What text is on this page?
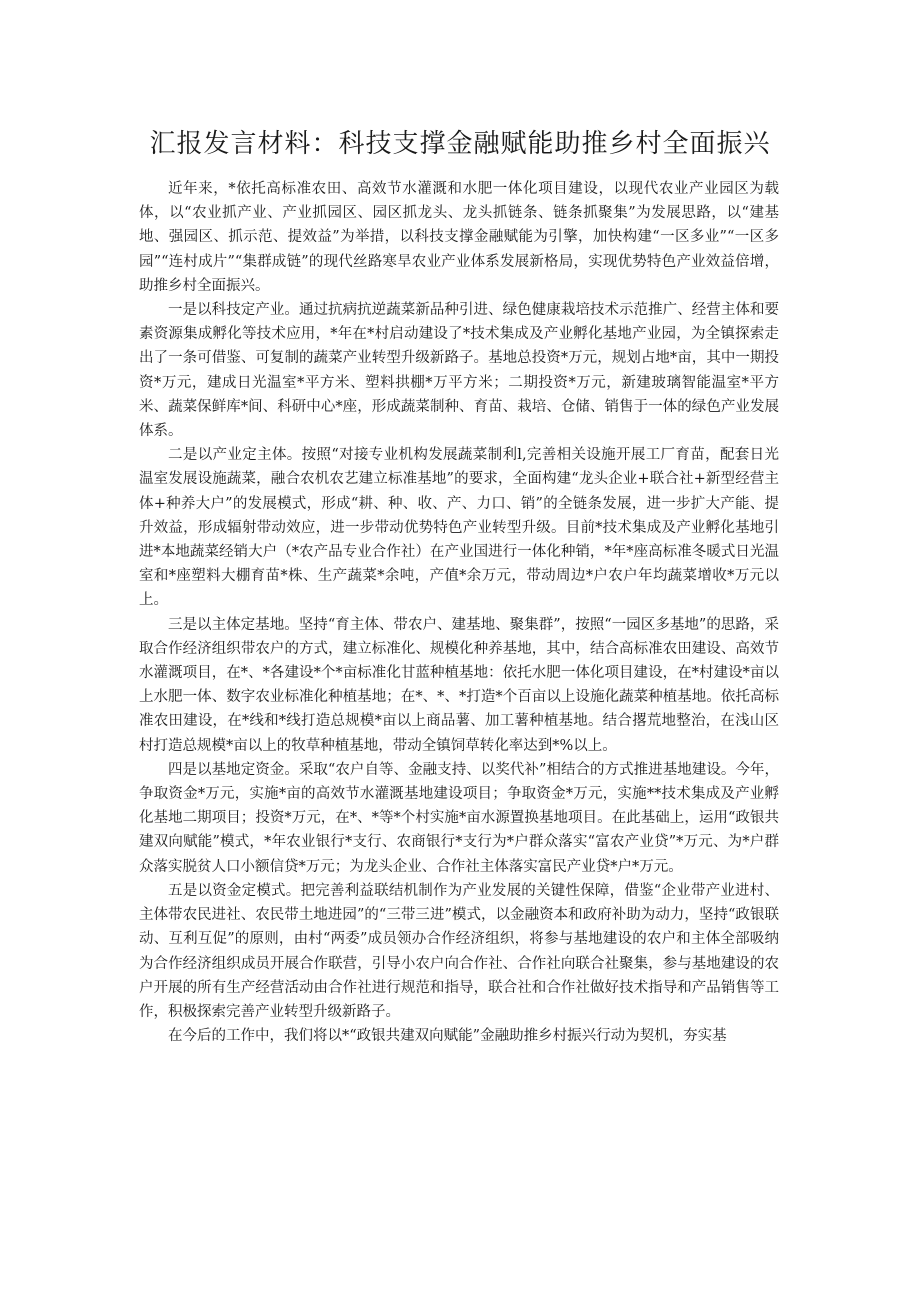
汇报发言材料：科技支撑金融赋能助推乡村全面振兴

近年来，*依托高标准农田、高效节水灌溉和水肥一体化项目建设，以现代农业产业园区为载体，以“农业抓产业、产业抓园区、园区抓龙头、龙头抓链条、链条抓聚集”为发展思路，以“建基地、强园区、抓示范、提效益”为举措，以科技支撑金融赋能为引擎，加快构建“一区多业”“一区多园”“连村成片”“集群成链”的现代丝路寒旱农业产业体系发展新格局，实现优势特色产业效益倍增，助推乡村全面振兴。

一是以科技定产业。通过抗病抗逆蔬菜新品种引进、绿色健康栽培技术示范推广、经营主体和要素资源集成孵化等技术应用，*年在*村启动建设了*技术集成及产业孵化基地产业园，为全镇探索走出了一条可借鉴、可复制的蔬菜产业转型升级新路子。基地总投资*万元，规划占地*亩，其中一期投资*万元，建成日光温室*平方米、塑料拱棚*万平方米；二期投资*万元，新建玻璃智能温室*平方米、蔬菜保鲜库*间、科研中心*座，形成蔬菜制种、育苗、栽培、仓储、销售于一体的绿色产业发展体系。

二是以产业定主体。按照“对接专业机构发展蔬菜制利l,完善相关设施开展工厂育苗，配套日光温室发展设施蔬菜，融合农机农艺建立标准基地”的要求，全面构建“龙头企业+联合社+新型经营主体+种养大户”的发展模式，形成“耕、种、收、产、力口、销”的全链条发展，进一步扩大产能、提升效益，形成辐射带动效应，进一步带动优势特色产业转型升级。目前*技术集成及产业孵化基地引进*本地蔬菜经销大户（*农产品专业合作社）在产业国进行一体化种销，*年*座高标准冬暖式日光温室和*座塑料大棚育苗*株、生产蔬菜*余吨，产值*余万元，带动周边*户农户年均蔬菜增收*万元以上。

三是以主体定基地。坚持“育主体、带农户、建基地、聚集群”，按照“一园区多基地”的思路，采取合作经济组织带农户的方式，建立标准化、规模化种养基地，其中，结合高标准农田建设、高效节水灌溉项目，在*、*各建设*个*亩标准化甘蓝种植基地：依托水肥一体化项目建设，在*村建设*亩以上水肥一体、数字农业标准化种植基地；在*、*、*打造*个百亩以上设施化蔬菜种植基地。依托高标准农田建设，在*线和*线打造总规模*亩以上商品薯、加工薯种植基地。结合撂荒地整治，在浅山区村打造总规模*亩以上的牧草种植基地，带动全镇饲草转化率达到*%以上。

四是以基地定资金。采取“农户自等、金融支持、以奖代补”相结合的方式推进基地建设。今年，争取资金*万元，实施*亩的高效节水灌溉基地建设项目；争取资金*万元，实施**技术集成及产业孵化基地二期项目；投资*万元，在*、*等*个村实施*亩水源置换基地项目。在此基础上，运用“政银共建双向赋能”模式，*年农业银行*支行、农商银行*支行为*户群众落实“富农产业贷”*万元、为*户群众落实脱贫人口小额信贷*万元；为龙头企业、合作社主体落实富民产业贷*户*万元。

五是以资金定模式。把完善利益联结机制作为产业发展的关键性保障，借鉴“企业带产业进村、主体带农民进社、农民带土地进园”的“三带三进”模式，以金融资本和政府补助为动力，坚持“政银联动、互利互促”的原则，由村“两委”成员领办合作经济组织，将参与基地建设的农户和主体全部吸纳为合作经济组织成员开展合作联营，引导小农户向合作社、合作社向联合社聚集，参与基地建设的农户开展的所有生产经营活动由合作社进行规范和指导，联合社和合作社做好技术指导和产品销售等工作，积极探索完善产业转型升级新路子。

在今后的工作中，我们将以*“政银共建双向赋能”金融助推乡村振兴行动为契机，夯实基
